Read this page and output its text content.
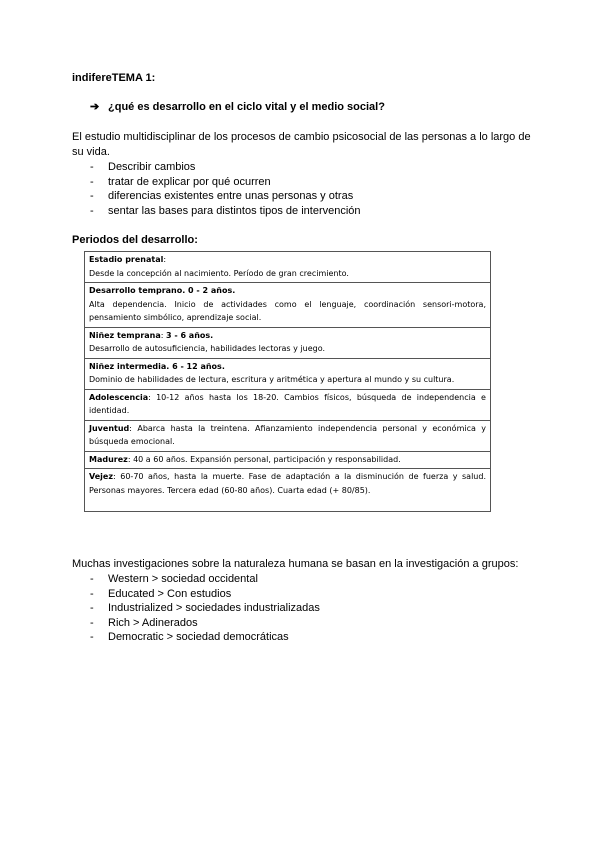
indifereTEMA 1:
➔ ¿qué es desarrollo en el ciclo vital y el medio social?
El estudio multidisciplinar de los procesos de cambio psicosocial de las personas a lo largo de su vida.
- Describir cambios
- tratar de explicar por qué ocurren
- diferencias existentes entre unas personas y otras
- sentar las bases para distintos tipos de intervención
Periodos del desarrollo:
Estadio prenatal:
Desde la concepción al nacimiento. Período de gran crecimiento.
Desarrollo temprano. 0 - 2 años.
Alta dependencia. Inicio de actividades como el lenguaje, coordinación sensori-motora, pensamiento simbólico, aprendizaje social.
Niñez temprana: 3 - 6 años.
Desarrollo de autosuficiencia, habilidades lectoras y juego.
Niñez intermedia. 6 - 12 años.
Dominio de habilidades de lectura, escritura y aritmética y apertura al mundo y su cultura.
Adolescencia: 10-12 años hasta los 18-20. Cambios físicos, búsqueda de independencia e identidad.
Juventud: Abarca hasta la treintena. Afianzamiento independencia personal y económica y búsqueda emocional.
Madurez: 40 a 60 años. Expansión personal, participación y responsabilidad.
Vejez: 60-70 años, hasta la muerte. Fase de adaptación a la disminución de fuerza y salud. Personas mayores. Tercera edad (60-80 años). Cuarta edad (+ 80/85).
Muchas investigaciones sobre la naturaleza humana se basan en la investigación a grupos:
- Western > sociedad occidental
- Educated > Con estudios
- Industrialized > sociedades industrializadas
- Rich > Adinerados
- Democratic > sociedad democráticas
